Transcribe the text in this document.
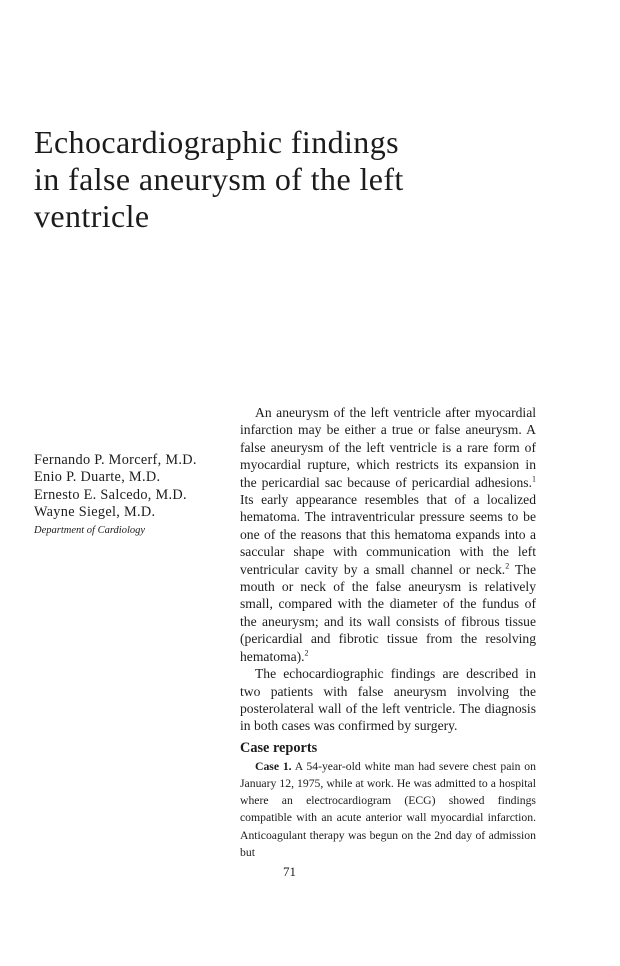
Echocardiographic findings
in false aneurysm of the left
ventricle
Fernando P. Morcerf, M.D.
Enio P. Duarte, M.D.
Ernesto E. Salcedo, M.D.
Wayne Siegel, M.D.
Department of Cardiology

An aneurysm of the left ventricle after myocardial infarction may be either a true or false aneurysm. A false aneurysm of the left ventricle is a rare form of myocardial rupture, which restricts its expansion in the pericardial sac because of pericardial adhesions.$^1$ Its early appearance resembles that of a localized hematoma. The intraventricular pressure seems to be one of the reasons that this hematoma expands into a saccular shape with communication with the left ventricular cavity by a small channel or neck.$^2$ The mouth or neck of the false aneurysm is relatively small, compared with the diameter of the fundus of the aneurysm; and its wall consists of fibrous tissue (pericardial and fibrotic tissue from the resolving hematoma).$^2$

The echocardiographic findings are described in two patients with false aneurysm involving the posterolateral wall of the left ventricle. The diagnosis in both cases was confirmed by surgery.

Case reports

Case 1. A 54-year-old white man had severe chest pain on January 12, 1975, while at work. He was admitted to a hospital where an electrocardiogram (ECG) showed findings compatible with an acute anterior wall myocardial infarction. Anticoagulant therapy was begun on the 2nd day of admission but

71
